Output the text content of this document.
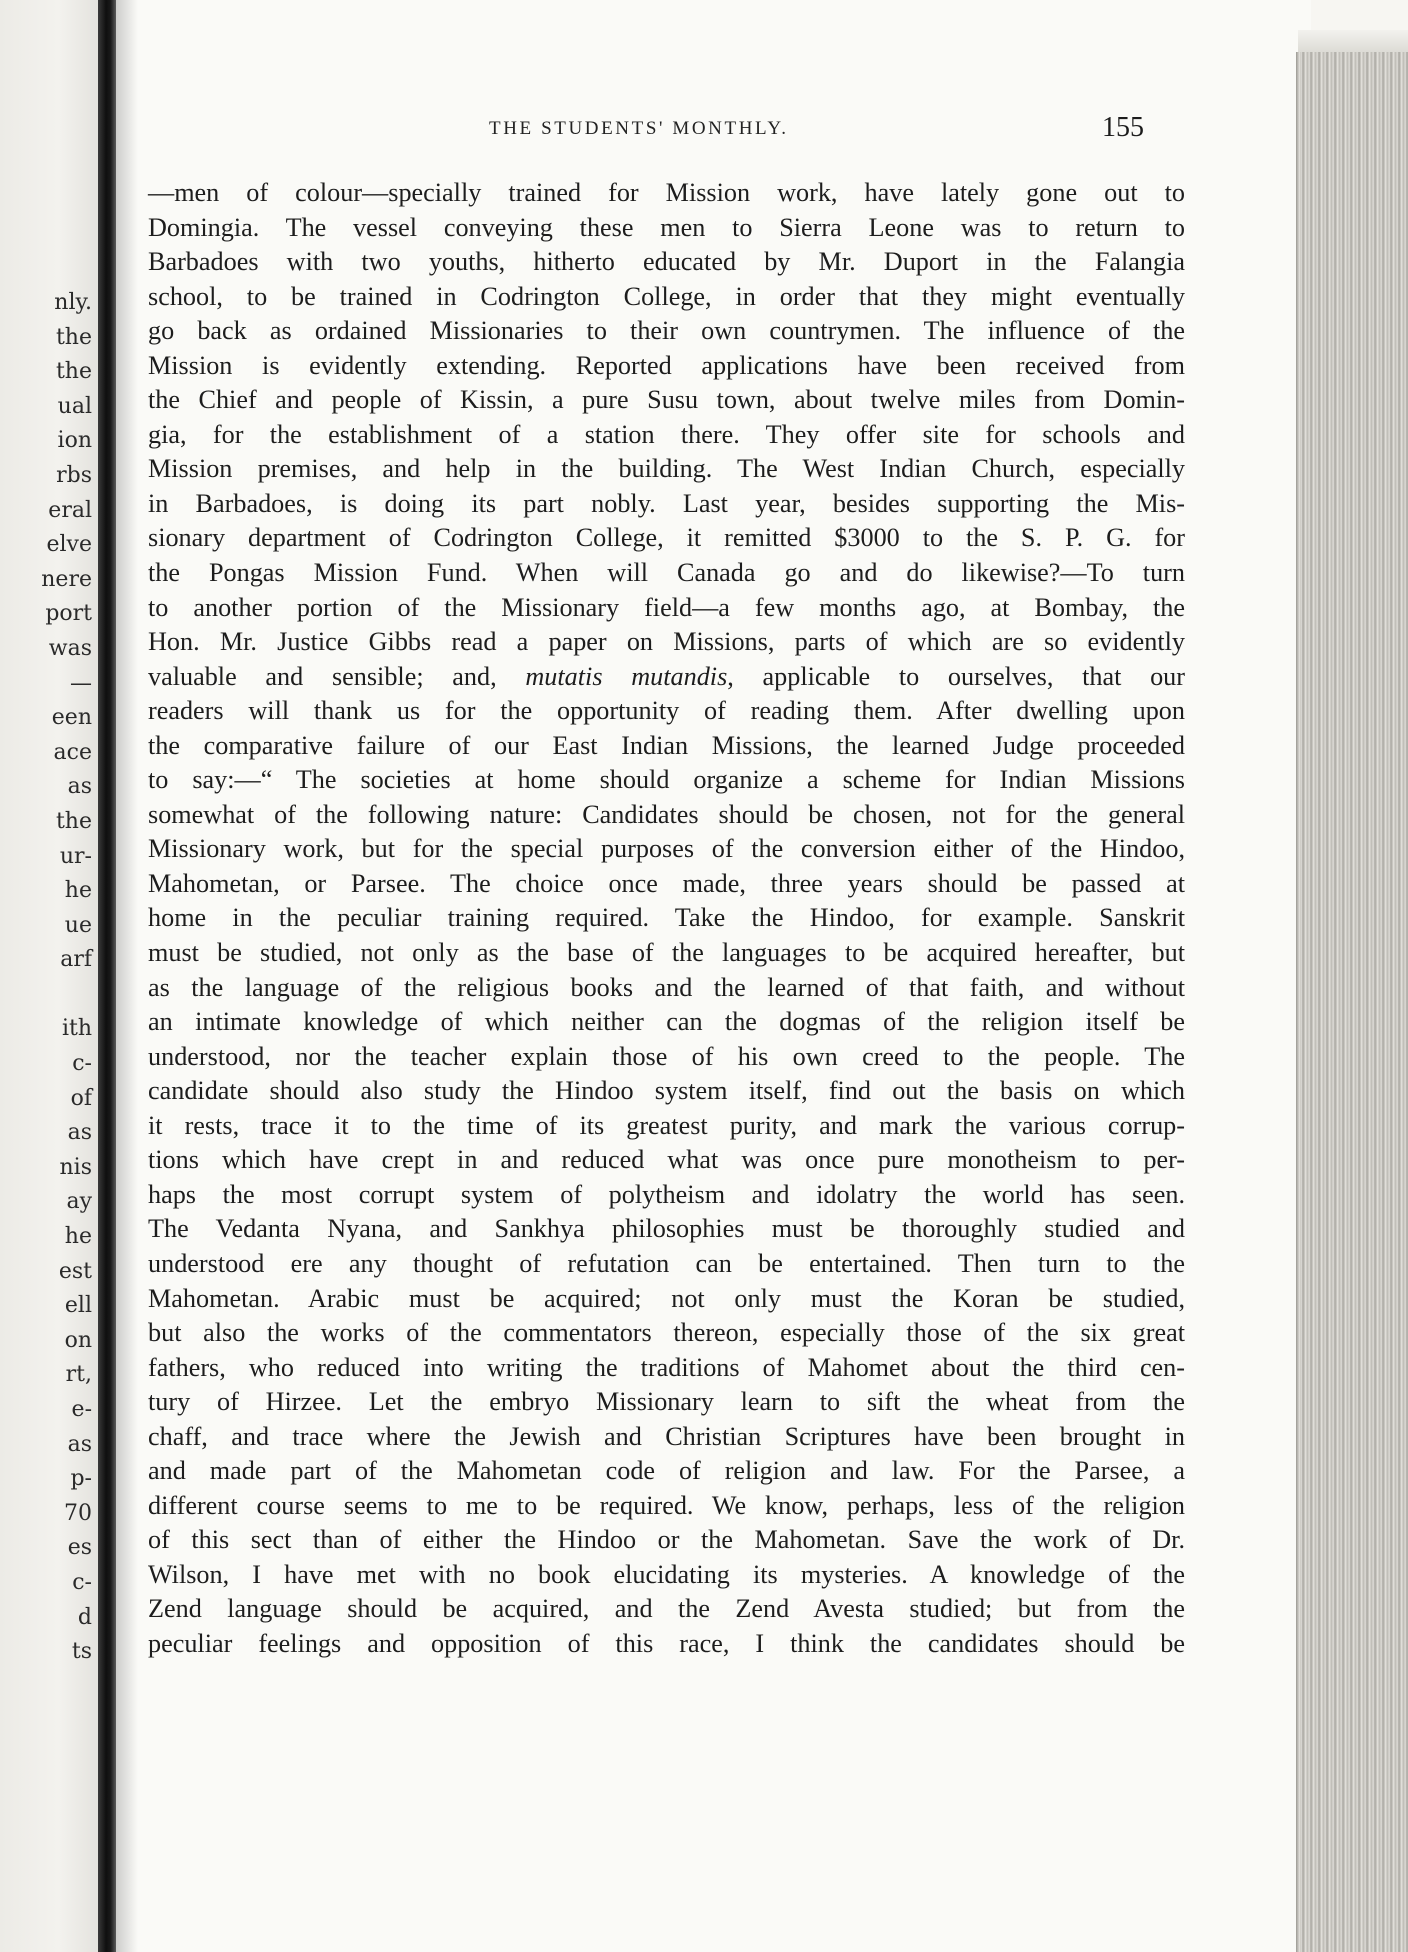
nly.
the
the
ual
ion
rbs
eral
elve
nere
port
was
—
een
ace
as
the
ur-
he
ue
arf
ith
c-
of
as
nis
ay
he
est
ell
on
rt,
e-
as
p-
70
es
c-
d
ts
THE STUDENTS' MONTHLY.	155
—men of colour—specially trained for Mission work, have lately gone out to
Domingia. The vessel conveying these men to Sierra Leone was to return to
Barbadoes with two youths, hitherto educated by Mr. Duport in the Falangia
school, to be trained in Codrington College, in order that they might eventually
go back as ordained Missionaries to their own countrymen. The influence of the
Mission is evidently extending. Reported applications have been received from
the Chief and people of Kissin, a pure Susu town, about twelve miles from Domin-
gia, for the establishment of a station there. They offer site for schools and
Mission premises, and help in the building. The West Indian Church, especially
in Barbadoes, is doing its part nobly. Last year, besides supporting the Mis-
sionary department of Codrington College, it remitted $3000 to the S. P. G. for
the Pongas Mission Fund. When will Canada go and do likewise?—To turn
to another portion of the Missionary field—a few months ago, at Bombay, the
Hon. Mr. Justice Gibbs read a paper on Missions, parts of which are so evidently
valuable and sensible; and, mutatis mutandis, applicable to ourselves, that our
readers will thank us for the opportunity of reading them. After dwelling upon
the comparative failure of our East Indian Missions, the learned Judge proceeded
to say:—“ The societies at home should organize a scheme for Indian Missions
somewhat of the following nature: Candidates should be chosen, not for the general
Missionary work, but for the special purposes of the conversion either of the Hindoo,
Mahometan, or Parsee. The choice once made, three years should be passed at
home in the peculiar training required. Take the Hindoo, for example. Sanskrit
must be studied, not only as the base of the languages to be acquired hereafter, but
as the language of the religious books and the learned of that faith, and without
an intimate knowledge of which neither can the dogmas of the religion itself be
understood, nor the teacher explain those of his own creed to the people. The
candidate should also study the Hindoo system itself, find out the basis on which
it rests, trace it to the time of its greatest purity, and mark the various corrup-
tions which have crept in and reduced what was once pure monotheism to per-
haps the most corrupt system of polytheism and idolatry the world has seen.
The Vedanta Nyana, and Sankhya philosophies must be thoroughly studied and
understood ere any thought of refutation can be entertained. Then turn to the
Mahometan. Arabic must be acquired; not only must the Koran be studied,
but also the works of the commentators thereon, especially those of the six great
fathers, who reduced into writing the traditions of Mahomet about the third cen-
tury of Hirzee. Let the embryo Missionary learn to sift the wheat from the
chaff, and trace where the Jewish and Christian Scriptures have been brought in
and made part of the Mahometan code of religion and law. For the Parsee, a
different course seems to me to be required. We know, perhaps, less of the religion
of this sect than of either the Hindoo or the Mahometan. Save the work of Dr.
Wilson, I have met with no book elucidating its mysteries. A knowledge of the
Zend language should be acquired, and the Zend Avesta studied; but from the
peculiar feelings and opposition of this race, I think the candidates should be
